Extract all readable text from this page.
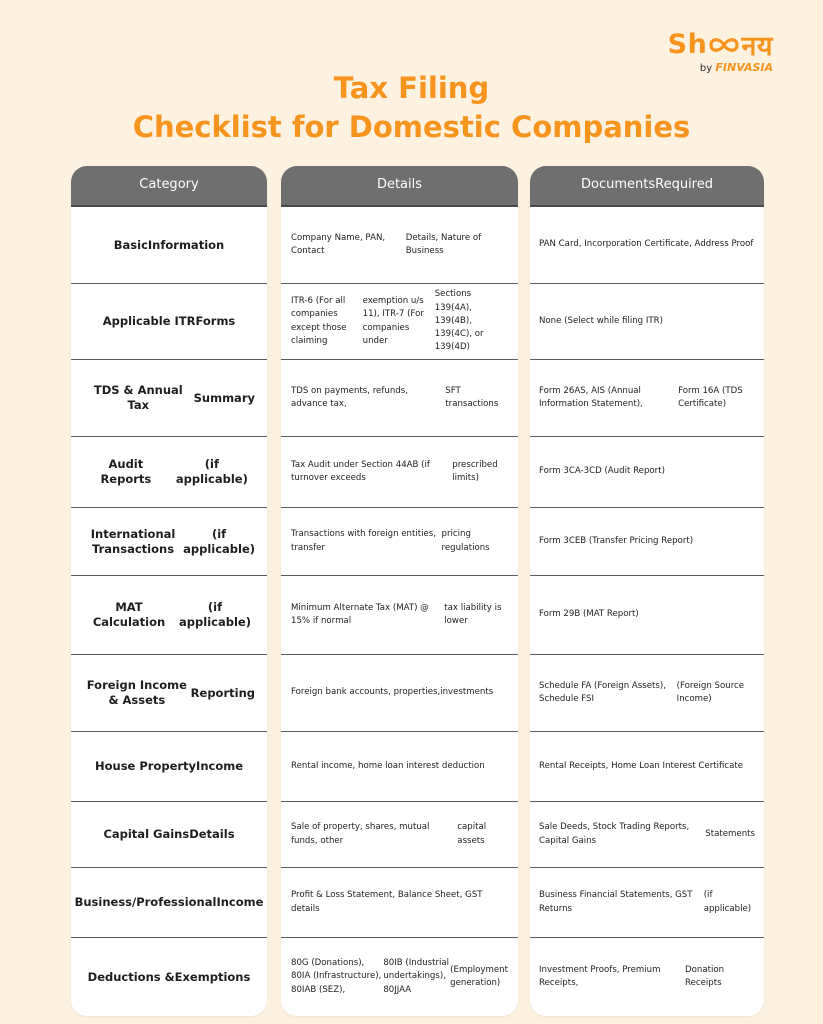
Sh नय
by FINVASIA
Tax Filing
Checklist for Domestic Companies
Category
Basic Information
Applicable ITR Forms
TDS & Annual Tax
Summary
Audit Reports
(if applicable)
International Transactions
(if applicable)
MAT Calculation
(if applicable)
Foreign Income & Assets
Reporting
House Property Income
Capital Gains Details
Business/Professional Income
Deductions & Exemptions
Details
Company Name, PAN, Contact
Details, Nature of Business
ITR-6 (For all companies except those claiming
exemption u/s 11), ITR-7 (For companies under
Sections 139(4A), 139(4B), 139(4C), or 139(4D)
TDS on payments, refunds, advance tax,
SFT transactions
Tax Audit under Section 44AB (if turnover exceeds
prescribed limits)
Transactions with foreign entities, transfer
pricing regulations
Minimum Alternate Tax (MAT) @ 15% if normal
tax liability is lower
Foreign bank accounts, properties, investments
Rental income, home loan interest deduction
Sale of property, shares, mutual funds, other
capital assets
Profit & Loss Statement, Balance Sheet, GST details
80G (Donations), 80IA (Infrastructure), 80IAB (SEZ),
80IB (Industrial undertakings), 80JJAA
(Employment generation)
Documents Required
PAN Card, Incorporation Certificate, Address Proof
None (Select while filing ITR)
Form 26AS, AIS (Annual Information Statement),
Form 16A (TDS Certificate)
Form 3CA-3CD (Audit Report)
Form 3CEB (Transfer Pricing Report)
Form 29B (MAT Report)
Schedule FA (Foreign Assets), Schedule FSI
(Foreign Source Income)
Rental Receipts, Home Loan Interest Certificate
Sale Deeds, Stock Trading Reports, Capital Gains
Statements
Business Financial Statements, GST Returns
(if applicable)
Investment Proofs, Premium Receipts,
Donation Receipts
